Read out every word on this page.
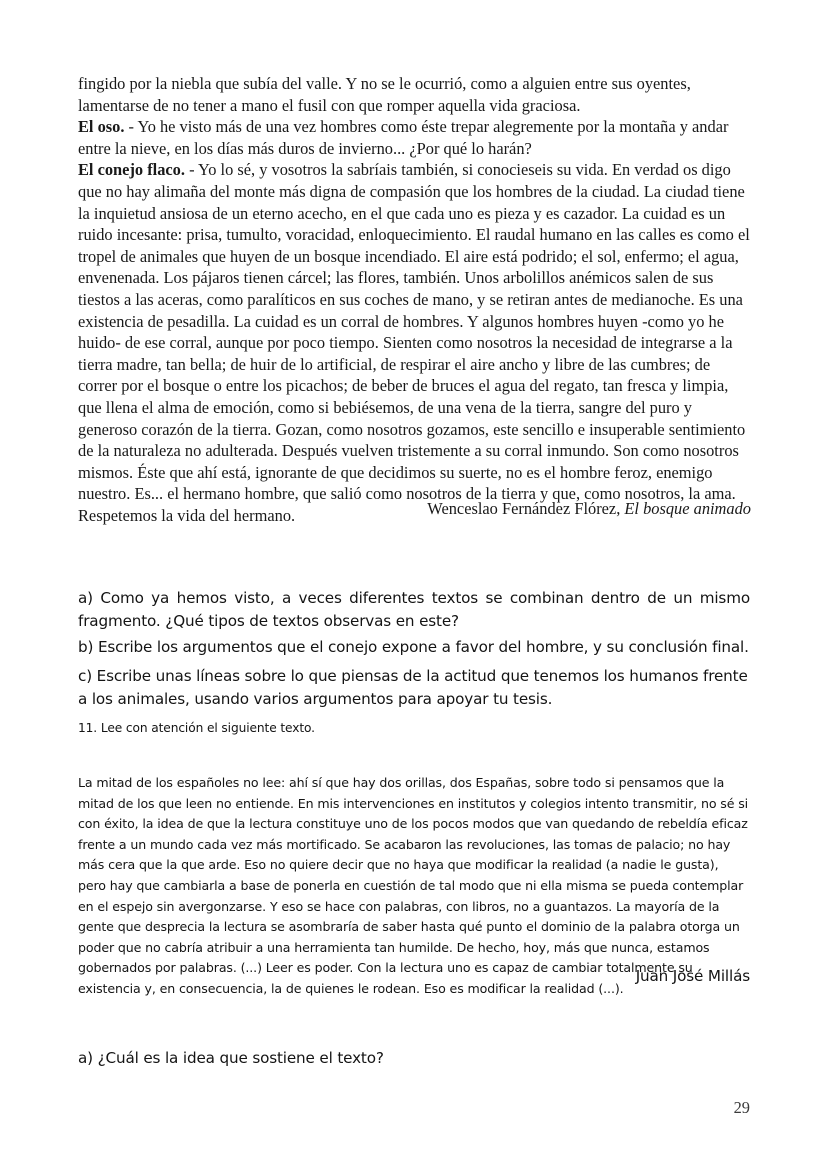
fingido por la niebla que subía del valle. Y no se le ocurrió, como a alguien entre sus oyentes, lamentarse de no tener a mano el fusil con que romper aquella vida graciosa.

El oso. - Yo he visto más de una vez hombres como éste trepar alegremente por la montaña y andar entre la nieve, en los días más duros de invierno... ¿Por qué lo harán?

El conejo flaco. - Yo lo sé, y vosotros la sabríais también, si conocieseis su vida. En verdad os digo que no hay alimaña del monte más digna de compasión que los hombres de la ciudad. La ciudad tiene la inquietud ansiosa de un eterno acecho, en el que cada uno es pieza y es cazador. La cuidad es un ruido incesante: prisa, tumulto, voracidad, enloquecimiento. El raudal humano en las calles es como el tropel de animales que huyen de un bosque incendiado. El aire está podrido; el sol, enfermo; el agua, envenenada. Los pájaros tienen cárcel; las flores, también. Unos arbolillos anémicos salen de sus tiestos a las aceras, como paralíticos en sus coches de mano, y se retiran antes de medianoche. Es una existencia de pesadilla. La cuidad es un corral de hombres. Y algunos hombres huyen -como yo he huido- de ese corral, aunque por poco tiempo. Sienten como nosotros la necesidad de integrarse a la tierra madre, tan bella; de huir de lo artificial, de respirar el aire ancho y libre de las cumbres; de correr por el bosque o entre los picachos; de beber de bruces el agua del regato, tan fresca y limpia, que llena el alma de emoción, como si bebiésemos, de una vena de la tierra, sangre del puro y generoso corazón de la tierra. Gozan, como nosotros gozamos, este sencillo e insuperable sentimiento de la naturaleza no adulterada. Después vuelven tristemente a su corral inmundo. Son como nosotros mismos. Éste que ahí está, ignorante de que decidimos su suerte, no es el hombre feroz, enemigo nuestro. Es... el hermano hombre, que salió como nosotros de la tierra y que, como nosotros, la ama. Respetemos la vida del hermano.	Wenceslao Fernández Flórez, El bosque animado
a) Como ya hemos visto, a veces diferentes textos se combinan dentro de un mismo fragmento. ¿Qué tipos de textos observas en este?
b) Escribe los argumentos que el conejo expone a favor del hombre, y su conclusión final.
c) Escribe unas líneas sobre lo que piensas de la actitud que tenemos los humanos frente a los animales, usando varios argumentos para apoyar tu tesis.
11. Lee con atención el siguiente texto.

La mitad de los españoles no lee: ahí sí que hay dos orillas, dos Españas, sobre todo si pensamos que la mitad de los que leen no entiende. En mis intervenciones en institutos y colegios intento transmitir, no sé si con éxito, la idea de que la lectura constituye uno de los pocos modos que van quedando de rebeldía eficaz frente a un mundo cada vez más mortificado. Se acabaron las revoluciones, las tomas de palacio; no hay más cera que la que arde. Eso no quiere decir que no haya que modificar la realidad (a nadie le gusta), pero hay que cambiarla a base de ponerla en cuestión de tal modo que ni ella misma se pueda contemplar en el espejo sin avergonzarse. Y eso se hace con palabras, con libros, no a guantazos. La mayoría de la gente que desprecia la lectura se asombraría de saber hasta qué punto el dominio de la palabra otorga un poder que no cabría atribuir a una herramienta tan humilde. De hecho, hoy, más que nunca, estamos gobernados por palabras. (...) Leer es poder. Con la lectura uno es capaz de cambiar totalmente su existencia y, en consecuencia, la de quienes le rodean. Eso es modificar la realidad (...).

Juan José Millás
a) ¿Cuál es la idea que sostiene el texto?
29
